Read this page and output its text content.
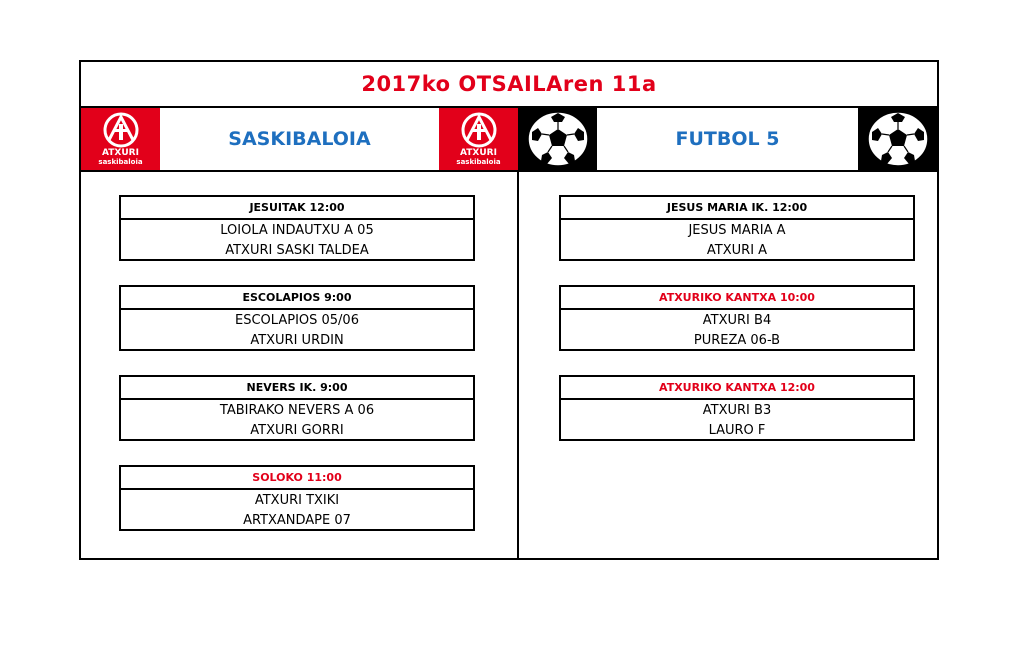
2017ko OTSAILAren 11a
ATXURI
saskibaloia
SASKIBALOIA
ATXURI
saskibaloia
FUTBOL 5
JESUITAK 12:00
LOIOLA INDAUTXU A 05
ATXURI SASKI TALDEA
ESCOLAPIOS 9:00
ESCOLAPIOS 05/06
ATXURI URDIN
NEVERS IK. 9:00
TABIRAKO NEVERS A 06
ATXURI GORRI
SOLOKO 11:00
ATXURI TXIKI
ARTXANDAPE 07
JESUS MARIA IK. 12:00
JESUS MARIA A
ATXURI A
ATXURIKO KANTXA 10:00
ATXURI B4
PUREZA 06-B
ATXURIKO KANTXA 12:00
ATXURI B3
LAURO F
